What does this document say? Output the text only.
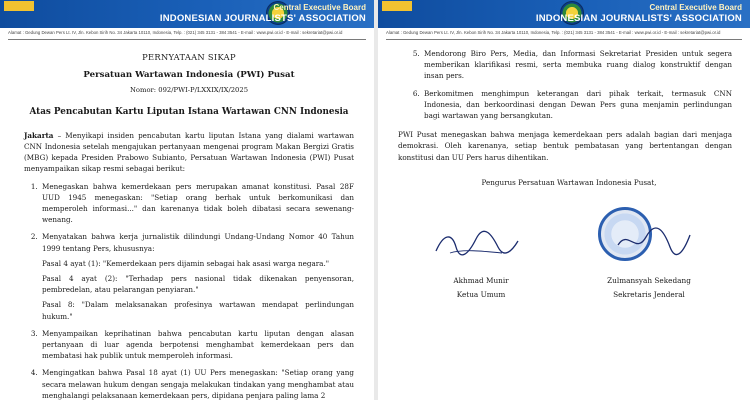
Central Executive Board
INDONESIAN JOURNALISTS' ASSOCIATION
Alamat : Gedung Dewan Pers Lt. IV, Jln. Kebon Sirih No. 34 Jakarta 10110, Indonesia, Telp. : (021) 345 3131 - 384 3541 - E-mail : www.pwi.or.id - E-mail : sekretariat@pwi.or.id
PERNYATAAN SIKAP
Persatuan Wartawan Indonesia (PWI) Pusat
Nomor: 092/PWI-P/LXXIX/IX/2025
Atas Pencabutan Kartu Liputan Istana Wartawan CNN Indonesia

Jakarta – Menyikapi insiden pencabutan kartu liputan Istana yang dialami wartawan CNN Indonesia setelah mengajukan pertanyaan mengenai program Makan Bergizi Gratis (MBG) kepada Presiden Prabowo Subianto, Persatuan Wartawan Indonesia (PWI) Pusat menyampaikan sikap resmi sebagai berikut:

1. Menegaskan bahwa kemerdekaan pers merupakan amanat konstitusi. Pasal 28F UUD 1945 menegaskan: "Setiap orang berhak untuk berkomunikasi dan memperoleh informasi..." dan karenanya tidak boleh dibatasi secara sewenang-wenang.
2. Menyatakan bahwa kerja jurnalistik dilindungi Undang-Undang Nomor 40 Tahun 1999 tentang Pers, khususnya:
Pasal 4 ayat (1): "Kemerdekaan pers dijamin sebagai hak asasi warga negara."
Pasal 4 ayat (2): "Terhadap pers nasional tidak dikenakan penyensoran, pembredelan, atau pelarangan penyiaran."
Pasal 8: "Dalam melaksanakan profesinya wartawan mendapat perlindungan hukum."
3. Menyampaikan keprihatinan bahwa pencabutan kartu liputan dengan alasan pertanyaan di luar agenda berpotensi menghambat kemerdekaan pers dan membatasi hak publik untuk memperoleh informasi.
4. Mengingatkan bahwa Pasal 18 ayat (1) UU Pers menegaskan: "Setiap orang yang secara melawan hukum dengan sengaja melakukan tindakan yang menghambat atau menghalangi pelaksanaan kemerdekaan pers, dipidana penjara paling lama 2
Central Executive Board
INDONESIAN JOURNALISTS' ASSOCIATION
Alamat : Gedung Dewan Pers Lt. IV, Jln. Kebon Sirih No. 34 Jakarta 10110, Indonesia, Telp. : (021) 345 3131 - 384 3541 - E-mail : www.pwi.or.id - E-mail : sekretariat@pwi.or.id
5. Mendorong Biro Pers, Media, dan Informasi Sekretariat Presiden untuk segera memberikan klarifikasi resmi, serta membuka ruang dialog konstruktif dengan insan pers.
6. Berkomitmen menghimpun keterangan dari pihak terkait, termasuk CNN Indonesia, dan berkoordinasi dengan Dewan Pers guna menjamin perlindungan bagi wartawan yang bersangkutan.

PWI Pusat menegaskan bahwa menjaga kemerdekaan pers adalah bagian dari menjaga demokrasi. Oleh karenanya, setiap bentuk pembatasan yang bertentangan dengan konstitusi dan UU Pers harus dihentikan.

Pengurus Persatuan Wartawan Indonesia Pusat,
Akhmad Munir
Ketua Umum
Zulmansyah Sekedang
Sekretaris Jenderal
